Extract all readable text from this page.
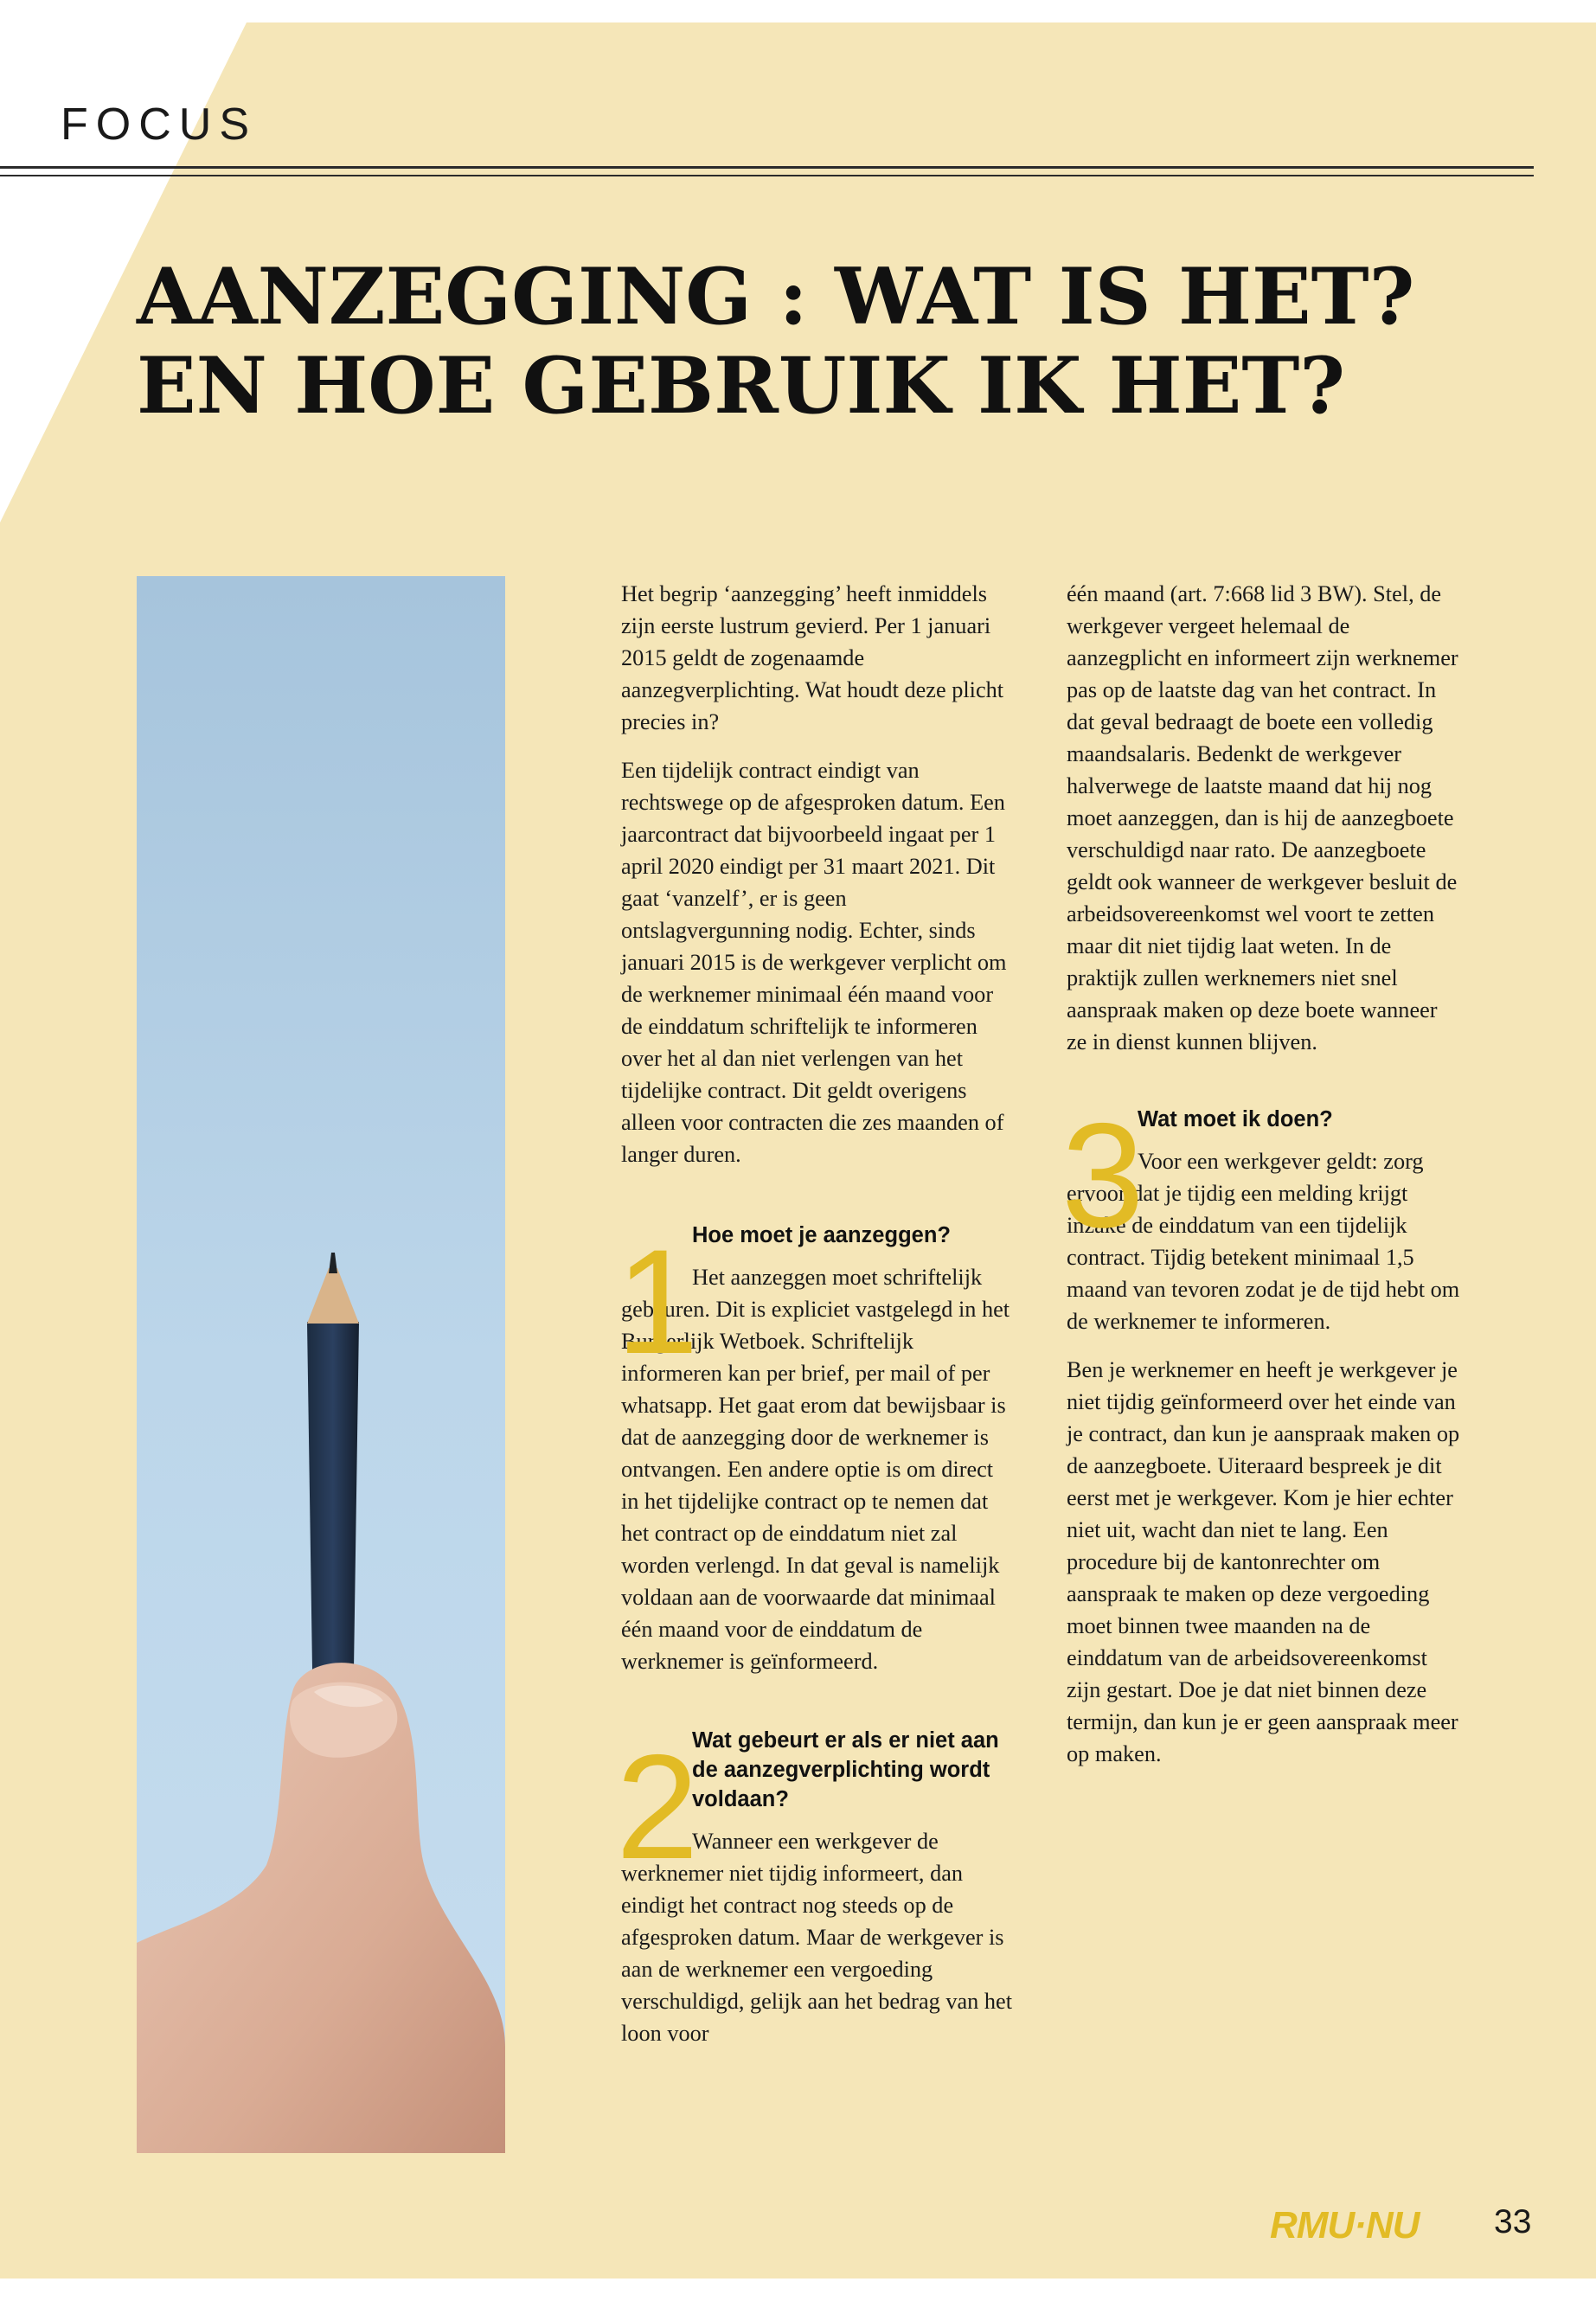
FOCUS
AANZEGGING : WAT IS HET?
EN HOE GEBRUIK IK HET?

Het begrip ‘aanzegging’ heeft inmiddels zijn eerste lustrum gevierd. Per 1 januari 2015 geldt de zogenaamde aanzegverplichting. Wat houdt deze plicht precies in?

Een tijdelijk contract eindigt van rechtswege op de afgesproken datum. Een jaarcontract dat bijvoorbeeld ingaat per 1 april 2020 eindigt per 31 maart 2021. Dit gaat ‘vanzelf’, er is geen ontslagvergunning nodig. Echter, sinds januari 2015 is de werkgever verplicht om de werknemer minimaal één maand voor de einddatum schriftelijk te informeren over het al dan niet verlengen van het tijdelijke contract. Dit geldt overigens alleen voor contracten die zes maanden of langer duren.

1
Hoe moet je aanzeggen?

Het aanzeggen moet schriftelijk gebeuren. Dit is expliciet vastgelegd in het Burgerlijk Wetboek. Schriftelijk informeren kan per brief, per mail of per whatsapp. Het gaat erom dat bewijsbaar is dat de aanzegging door de werknemer is ontvangen. Een andere optie is om direct in het tijdelijke contract op te nemen dat het contract op de einddatum niet zal worden verlengd. In dat geval is namelijk voldaan aan de voorwaarde dat minimaal één maand voor de einddatum de werknemer is geïnformeerd.

2
Wat gebeurt er als er niet aan de aanzegverplichting wordt voldaan?

Wanneer een werkgever de werknemer niet tijdig informeert, dan eindigt het contract nog steeds op de afgesproken datum. Maar de werkgever is aan de werknemer een vergoeding verschuldigd, gelijk aan het bedrag van het loon voor

één maand (art. 7:668 lid 3 BW). Stel, de werkgever vergeet helemaal de aanzegplicht en informeert zijn werknemer pas op de laatste dag van het contract. In dat geval bedraagt de boete een volledig maandsalaris. Bedenkt de werkgever halverwege de laatste maand dat hij nog moet aanzeggen, dan is hij de aanzegboete verschuldigd naar rato. De aanzegboete geldt ook wanneer de werkgever besluit de arbeidsovereenkomst wel voort te zetten maar dit niet tijdig laat weten. In de praktijk zullen werknemers niet snel aanspraak maken op deze boete wanneer ze in dienst kunnen blijven.

3
Wat moet ik doen?

Voor een werkgever geldt: zorg ervoor dat je tijdig een melding krijgt inzake de einddatum van een tijdelijk contract. Tijdig betekent minimaal 1,5 maand van tevoren zodat je de tijd hebt om de werknemer te informeren.

Ben je werknemer en heeft je werkgever je niet tijdig geïnformeerd over het einde van je contract, dan kun je aanspraak maken op de aanzegboete. Uiteraard bespreek je dit eerst met je werkgever. Kom je hier echter niet uit, wacht dan niet te lang. Een procedure bij de kantonrechter om aanspraak te maken op deze vergoeding moet binnen twee maanden na de einddatum van de arbeidsovereenkomst zijn gestart. Doe je dat niet binnen deze termijn, dan kun je er geen aanspraak meer op maken.

RMU·NU 33
